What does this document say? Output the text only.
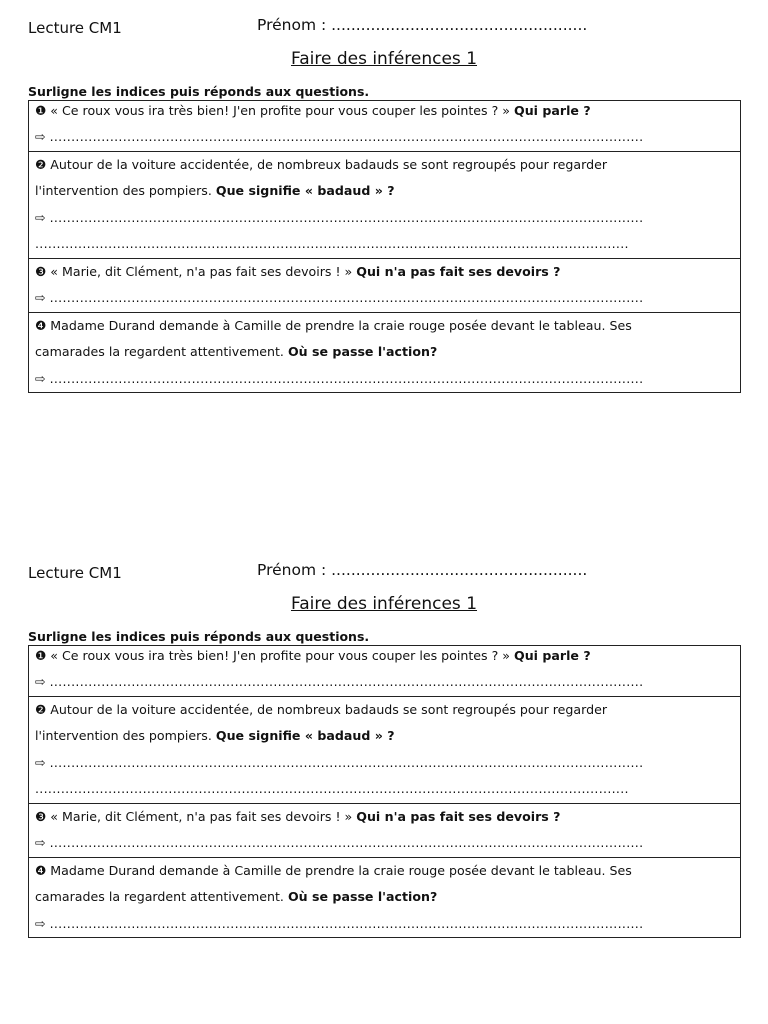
Lecture CM1	Prénom : ....................................................
Faire des inférences 1
Surligne les indices puis réponds aux questions.
❶ « Ce roux vous ira très bien! J'en profite pour vous couper les pointes ? » Qui parle ?
⇨ ..........................................................................................................................................

❷ Autour de la voiture accidentée, de nombreux badauds se sont regroupés pour regarder
l'intervention des pompiers. Que signifie « badaud » ?
⇨ ..........................................................................................................................................
..........................................................................................................................................

❸ « Marie, dit Clément, n'a pas fait ses devoirs ! » Qui n'a pas fait ses devoirs ?
⇨ ..........................................................................................................................................

❹ Madame Durand demande à Camille de prendre la craie rouge posée devant le tableau. Ses
camarades la regardent attentivement. Où se passe l'action?
⇨ ..........................................................................................................................................
Lecture CM1	Prénom : ....................................................
Faire des inférences 1
Surligne les indices puis réponds aux questions.
❶ « Ce roux vous ira très bien! J'en profite pour vous couper les pointes ? » Qui parle ?
⇨ ..........................................................................................................................................

❷ Autour de la voiture accidentée, de nombreux badauds se sont regroupés pour regarder
l'intervention des pompiers. Que signifie « badaud » ?
⇨ ..........................................................................................................................................
..........................................................................................................................................

❸ « Marie, dit Clément, n'a pas fait ses devoirs ! » Qui n'a pas fait ses devoirs ?
⇨ ..........................................................................................................................................

❹ Madame Durand demande à Camille de prendre la craie rouge posée devant le tableau. Ses
camarades la regardent attentivement. Où se passe l'action?
⇨ ..........................................................................................................................................
